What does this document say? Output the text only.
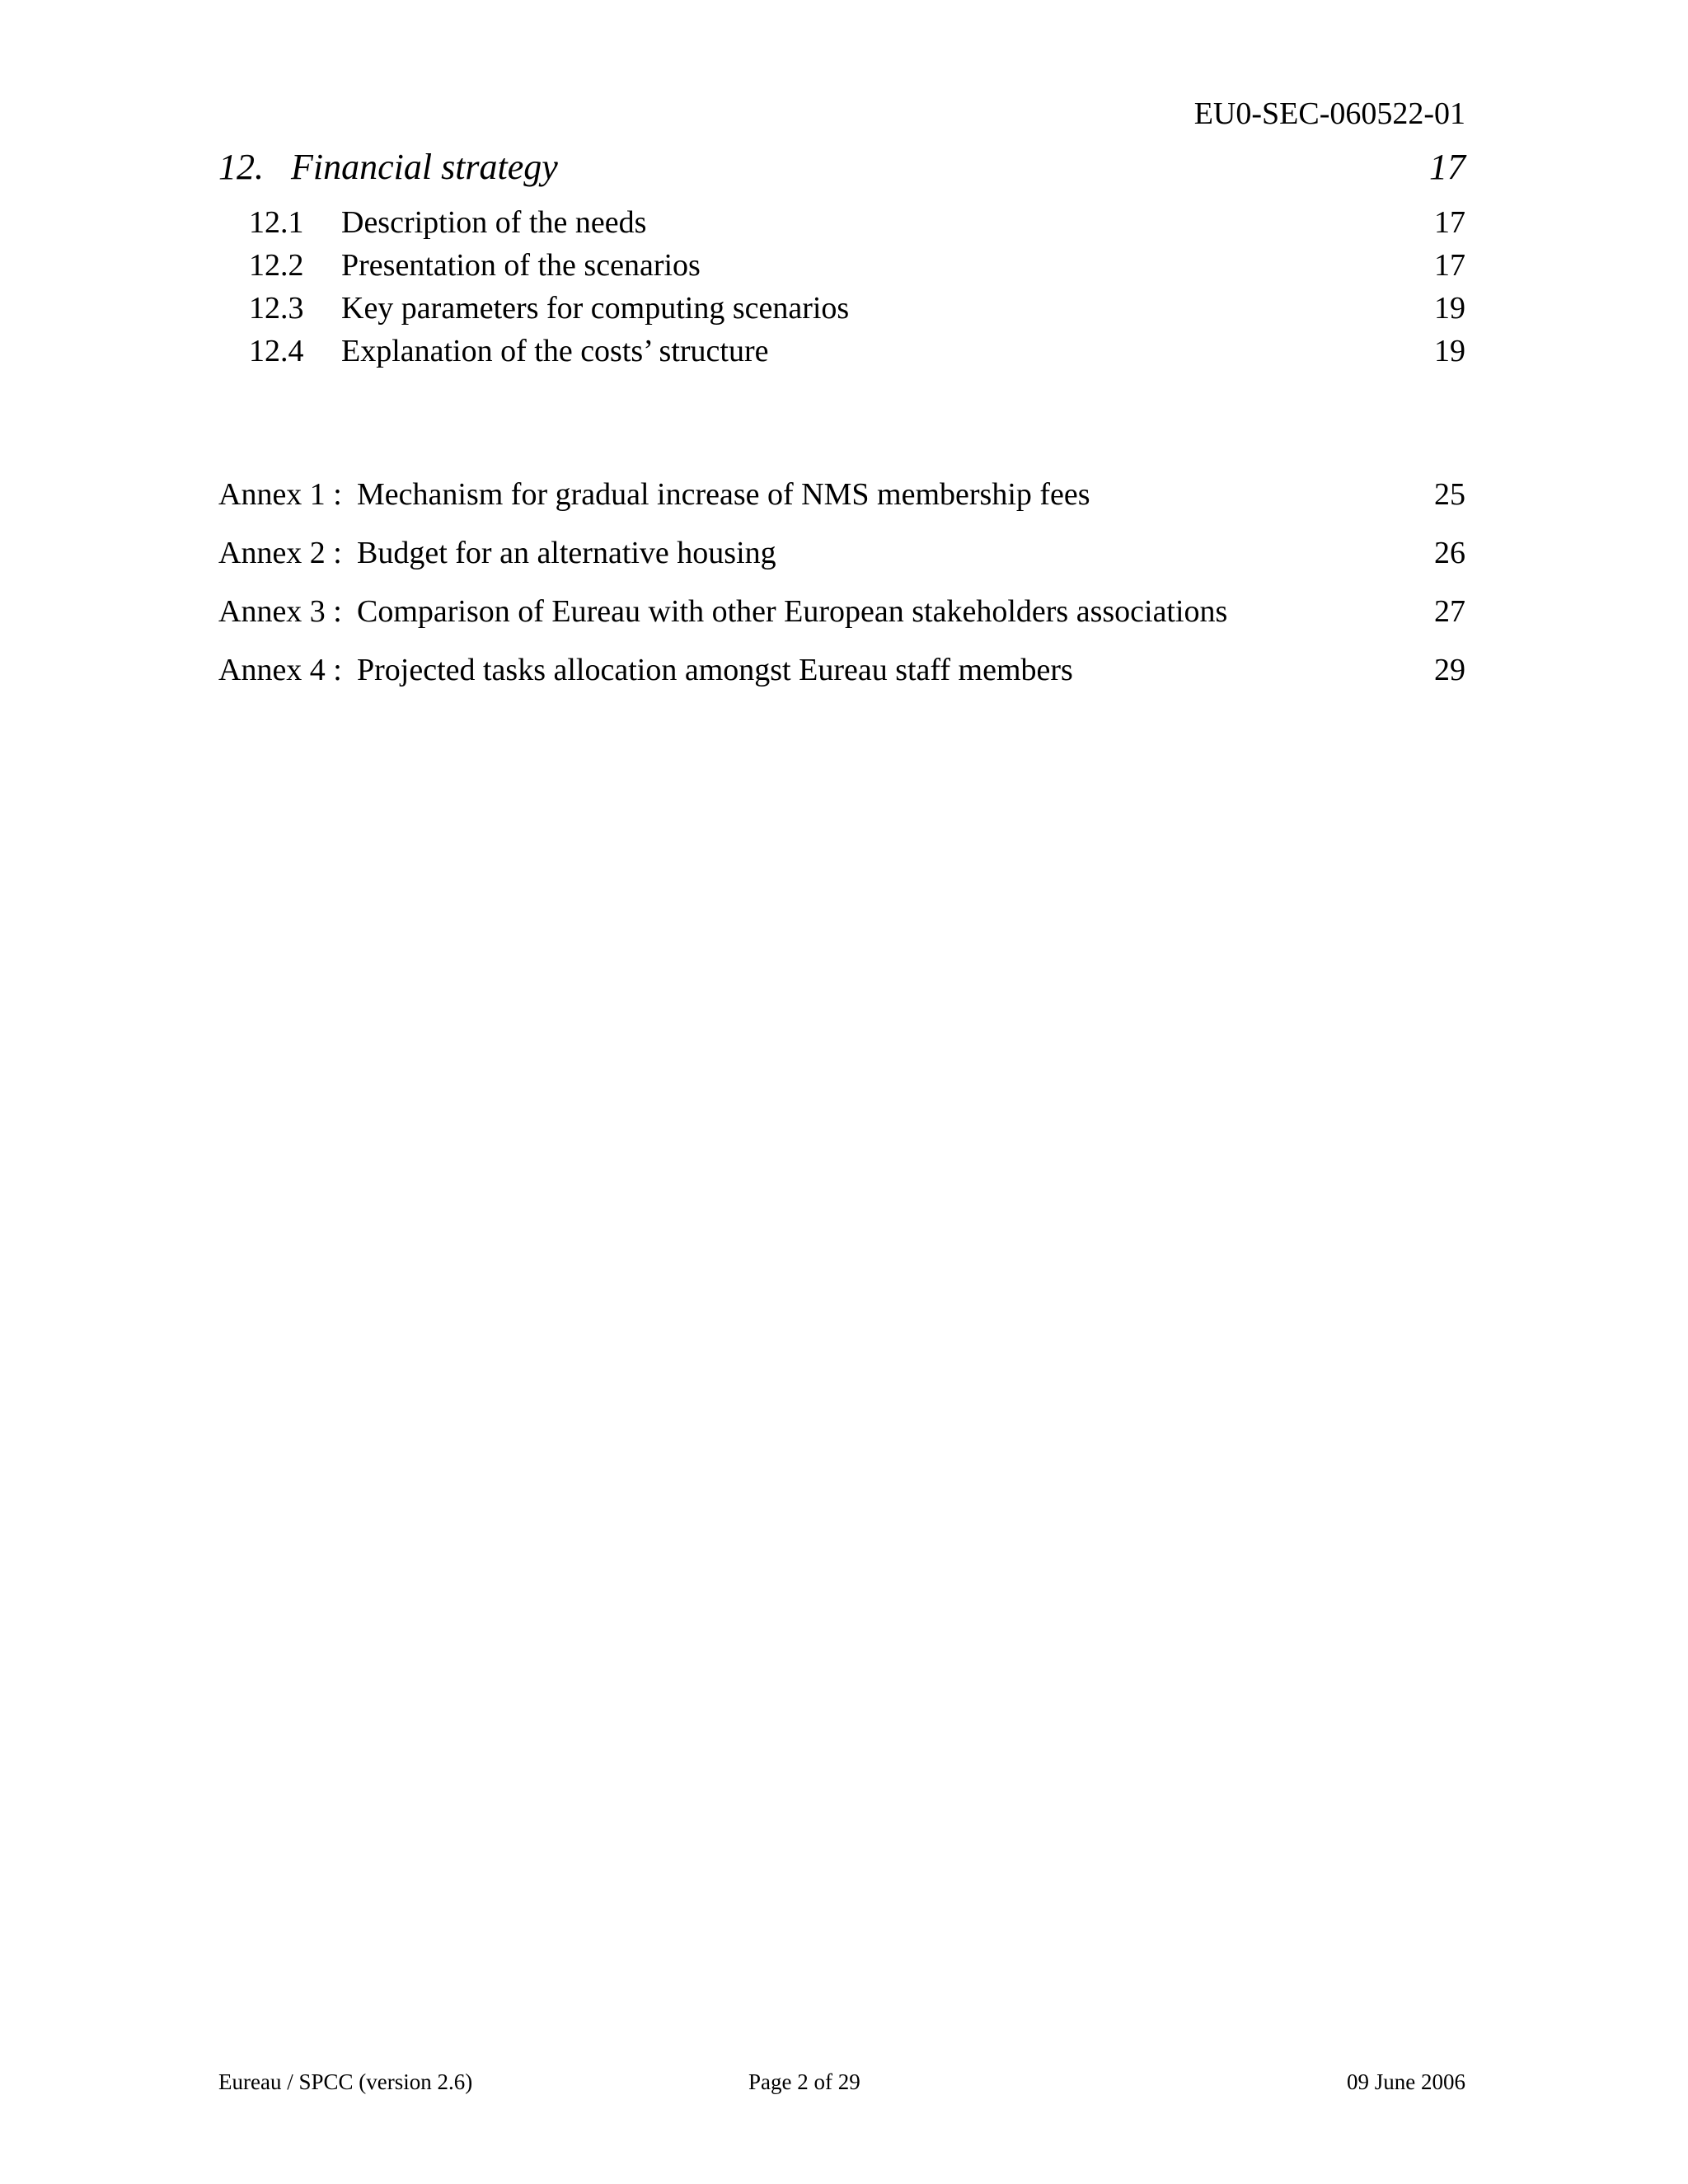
EU0-SEC-060522-01
12. Financial strategy	17
12.1 Description of the needs	17
12.2 Presentation of the scenarios	17
12.3 Key parameters for computing scenarios	19
12.4 Explanation of the costs’ structure	19
Annex 1 : Mechanism for gradual increase of NMS membership fees	25
Annex 2 : Budget for an alternative housing	26
Annex 3 : Comparison of Eureau with other European stakeholders associations	27
Annex 4 : Projected tasks allocation amongst Eureau staff members	29
Eureau / SPCC (version 2.6)	Page 2 of 29	09 June 2006
